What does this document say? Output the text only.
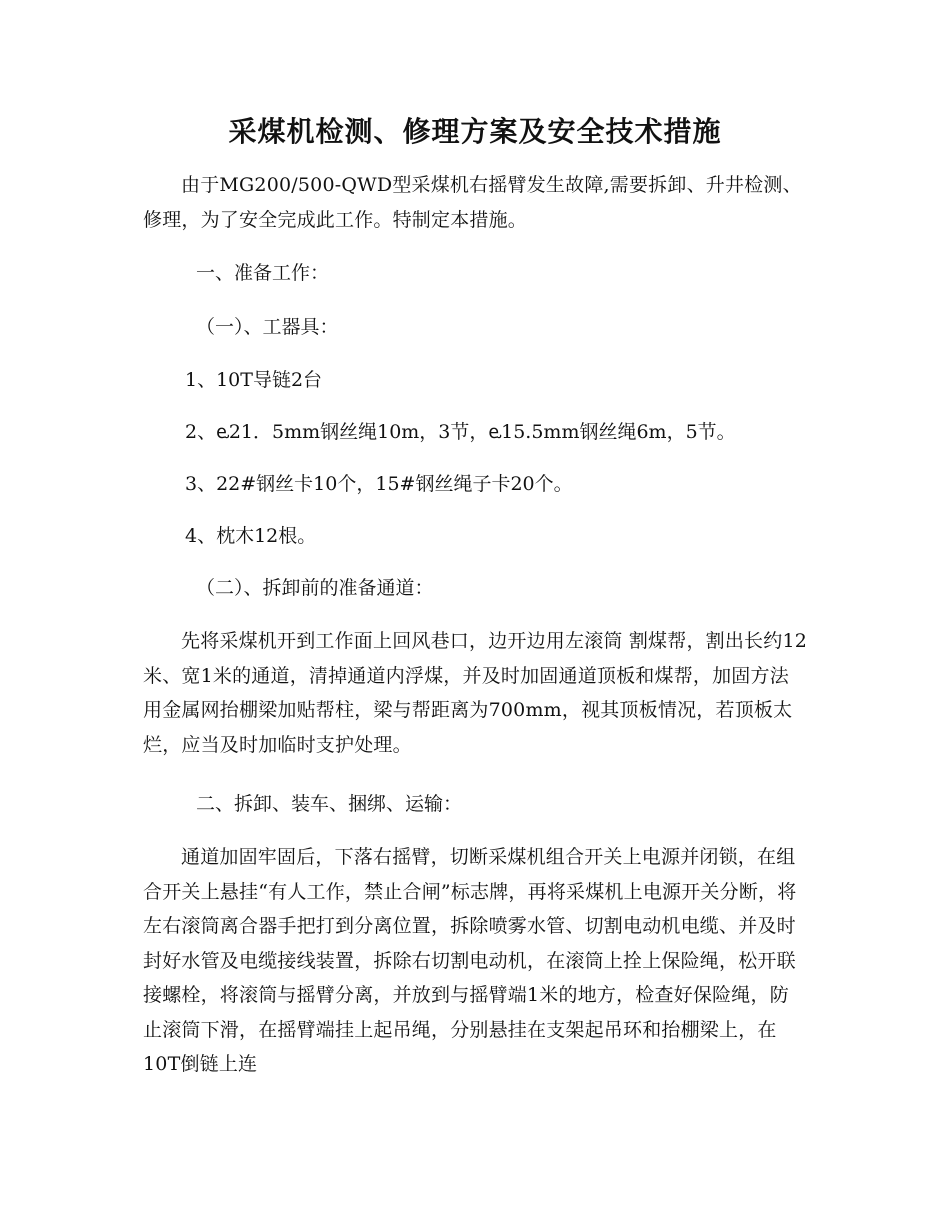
采煤机检测、修理方案及安全技术措施
由于MG200/500-QWD型采煤机右摇臂发生故障,需要拆卸、升井检测、修理，为了安全完成此工作。特制定本措施。
一、准备工作：
（一）、工器具：
1、10T导链2台
2、ⱸ21．5mm钢丝绳10m，3节，ⱸ15.5mm钢丝绳6m，5节。
3、22#钢丝卡10个，15#钢丝绳子卡20个。
4、枕木12根。
（二）、拆卸前的准备通道：
先将采煤机开到工作面上回风巷口，边开边用左滚筒 割煤帮，割出长约12米、宽1米的通道，清掉通道内浮煤，并及时加固通道顶板和煤帮，加固方法用金属网抬棚梁加贴帮柱，梁与帮距离为700mm，视其顶板情况，若顶板太烂，应当及时加临时支护处理。
二、拆卸、装车、捆绑、运输：
通道加固牢固后，下落右摇臂，切断采煤机组合开关上电源并闭锁，在组合开关上悬挂“有人工作，禁止合闸”标志牌，再将采煤机上电源开关分断，将左右滚筒离合器手把打到分离位置，拆除喷雾水管、切割电动机电缆、并及时封好水管及电缆接线装置，拆除右切割电动机，在滚筒上拴上保险绳，松开联接螺栓，将滚筒与摇臂分离，并放到与摇臂端1米的地方，检查好保险绳，防止滚筒下滑，在摇臂端挂上起吊绳，分别悬挂在支架起吊环和抬棚梁上，在10T倒链上连
